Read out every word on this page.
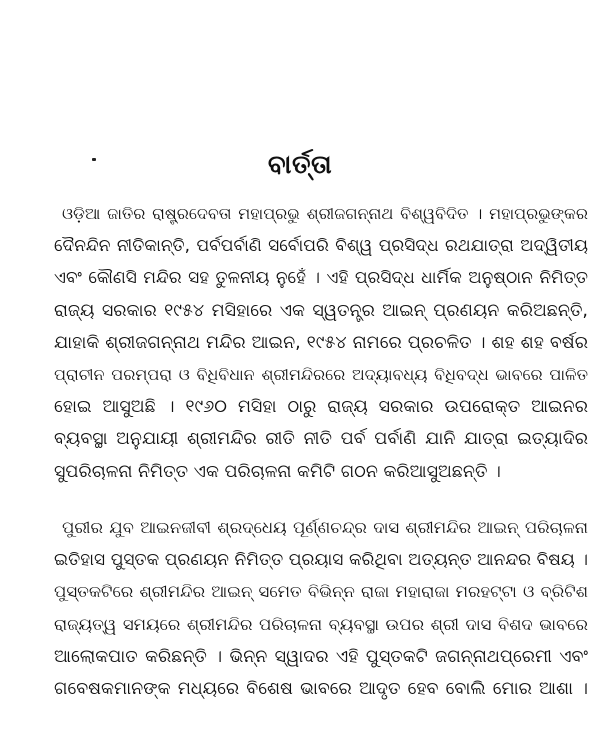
ବାର୍ତ୍ତା
ଓଡ଼ିଆ ଜାତିର ରାଷ୍ଟ୍ରଦେବତା ମହାପ୍ରଭୁ ଶ୍ରୀଜଗନ୍ନାଥ ବିଶ୍ୱବିଦିତ । ମହାପ୍ରଭୁଙ୍କର
ଦୈନନ୍ଦିନ ନୀତିକାନ୍ତି, ପର୍ବପର୍ବାଣି ସର୍ବୋପରି ବିଶ୍ୱ ପ୍ରସିଦ୍ଧ ରଥଯାତ୍ରା ଅଦ୍ୱିତୀୟ
ଏବଂ କୌଣସି ମନ୍ଦିର ସହ ତୁଳନୀୟ ନୁହେଁ । ଏହି ପ୍ରସିଦ୍ଧ ଧାର୍ମିକ ଅନୁଷ୍ଠାନ ନିମିତ୍ତ
ରାଜ୍ୟ ସରକାର ୧୯୫୪ ମସିହାରେ ଏକ ସ୍ୱତନ୍ତ୍ର ଆଇନ୍ ପ୍ରଣୟନ କରିଅଛନ୍ତି,
ଯାହାକି ଶ୍ରୀଜଗନ୍ନାଥ ମନ୍ଦିର ଆଇନ, ୧୯୫୪ ନାମରେ ପ୍ରଚଳିତ । ଶହ ଶହ ବର୍ଷର
ପ୍ରାଚୀନ ପରମ୍ପରା ଓ ବିଧିବିଧାନ ଶ୍ରୀମନ୍ଦିରରେ ଅଦ୍ୟାବଧ୍ୟ ବିଧିବଦ୍ଧ ଭାବରେ ପାଳିତ
ହୋଇ ଆସୁଅଛି । ୧୯୬୦ ମସିହା ଠାରୁ ରାଜ୍ୟ ସରକାର ଉପରୋକ୍ତ ଆଇନର
ବ୍ୟବସ୍ଥା ଅନୁଯାୟୀ ଶ୍ରୀମନ୍ଦିର ରୀତି ନୀତି ପର୍ବ ପର୍ବାଣି ଯାନି ଯାତ୍ରା ଇତ୍ୟାଦିର
ସୁପରିଚାଳନା ନିମିତ୍ତ ଏକ ପରିଚାଳନା କମିଟି ଗଠନ କରିଆସୁଅଛନ୍ତି ।
ପୁରୀର ଯୁବ ଆଇନଜୀବୀ ଶ୍ରଦ୍ଧେୟ ପୂର୍ଣ୍ଣଚନ୍ଦ୍ର ଦାସ ଶ୍ରୀମନ୍ଦିର ଆଇନ୍ ପରିଚାଳନା
ଇତିହାସ ପୁସ୍ତକ ପ୍ରଣୟନ ନିମିତ୍ତ ପ୍ରୟାସ କରିଥିବା ଅତ୍ୟନ୍ତ ଆନନ୍ଦର ବିଷୟ ।
ପୁସ୍ତକଟିରେ ଶ୍ରୀମନ୍ଦିର ଆଇନ୍ ସମେତ ବିଭିନ୍ନ ରାଜା ମହାରାଜା ମରହଟ୍ଟା ଓ ବ୍ରିଟିଶ
ରାଜ୍ୟତ୍ୱ ସମୟରେ ଶ୍ରୀମନ୍ଦିର ପରିଚାଳନା ବ୍ୟବସ୍ଥା ଉପର ଶ୍ରୀ ଦାସ ବିଶଦ ଭାବରେ
ଆଲୋକପାତ କରିଛନ୍ତି । ଭିନ୍ନ ସ୍ୱାଦର ଏହି ପୁସ୍ତକଟି ଜଗନ୍ନାଥପ୍ରେମୀ ଏବଂ
ଗବେଷକମାନଙ୍କ ମଧ୍ୟରେ ବିଶେଷ ଭାବରେ ଆଦୃତ ହେବ ବୋଲି ମୋର ଆଶା ।
